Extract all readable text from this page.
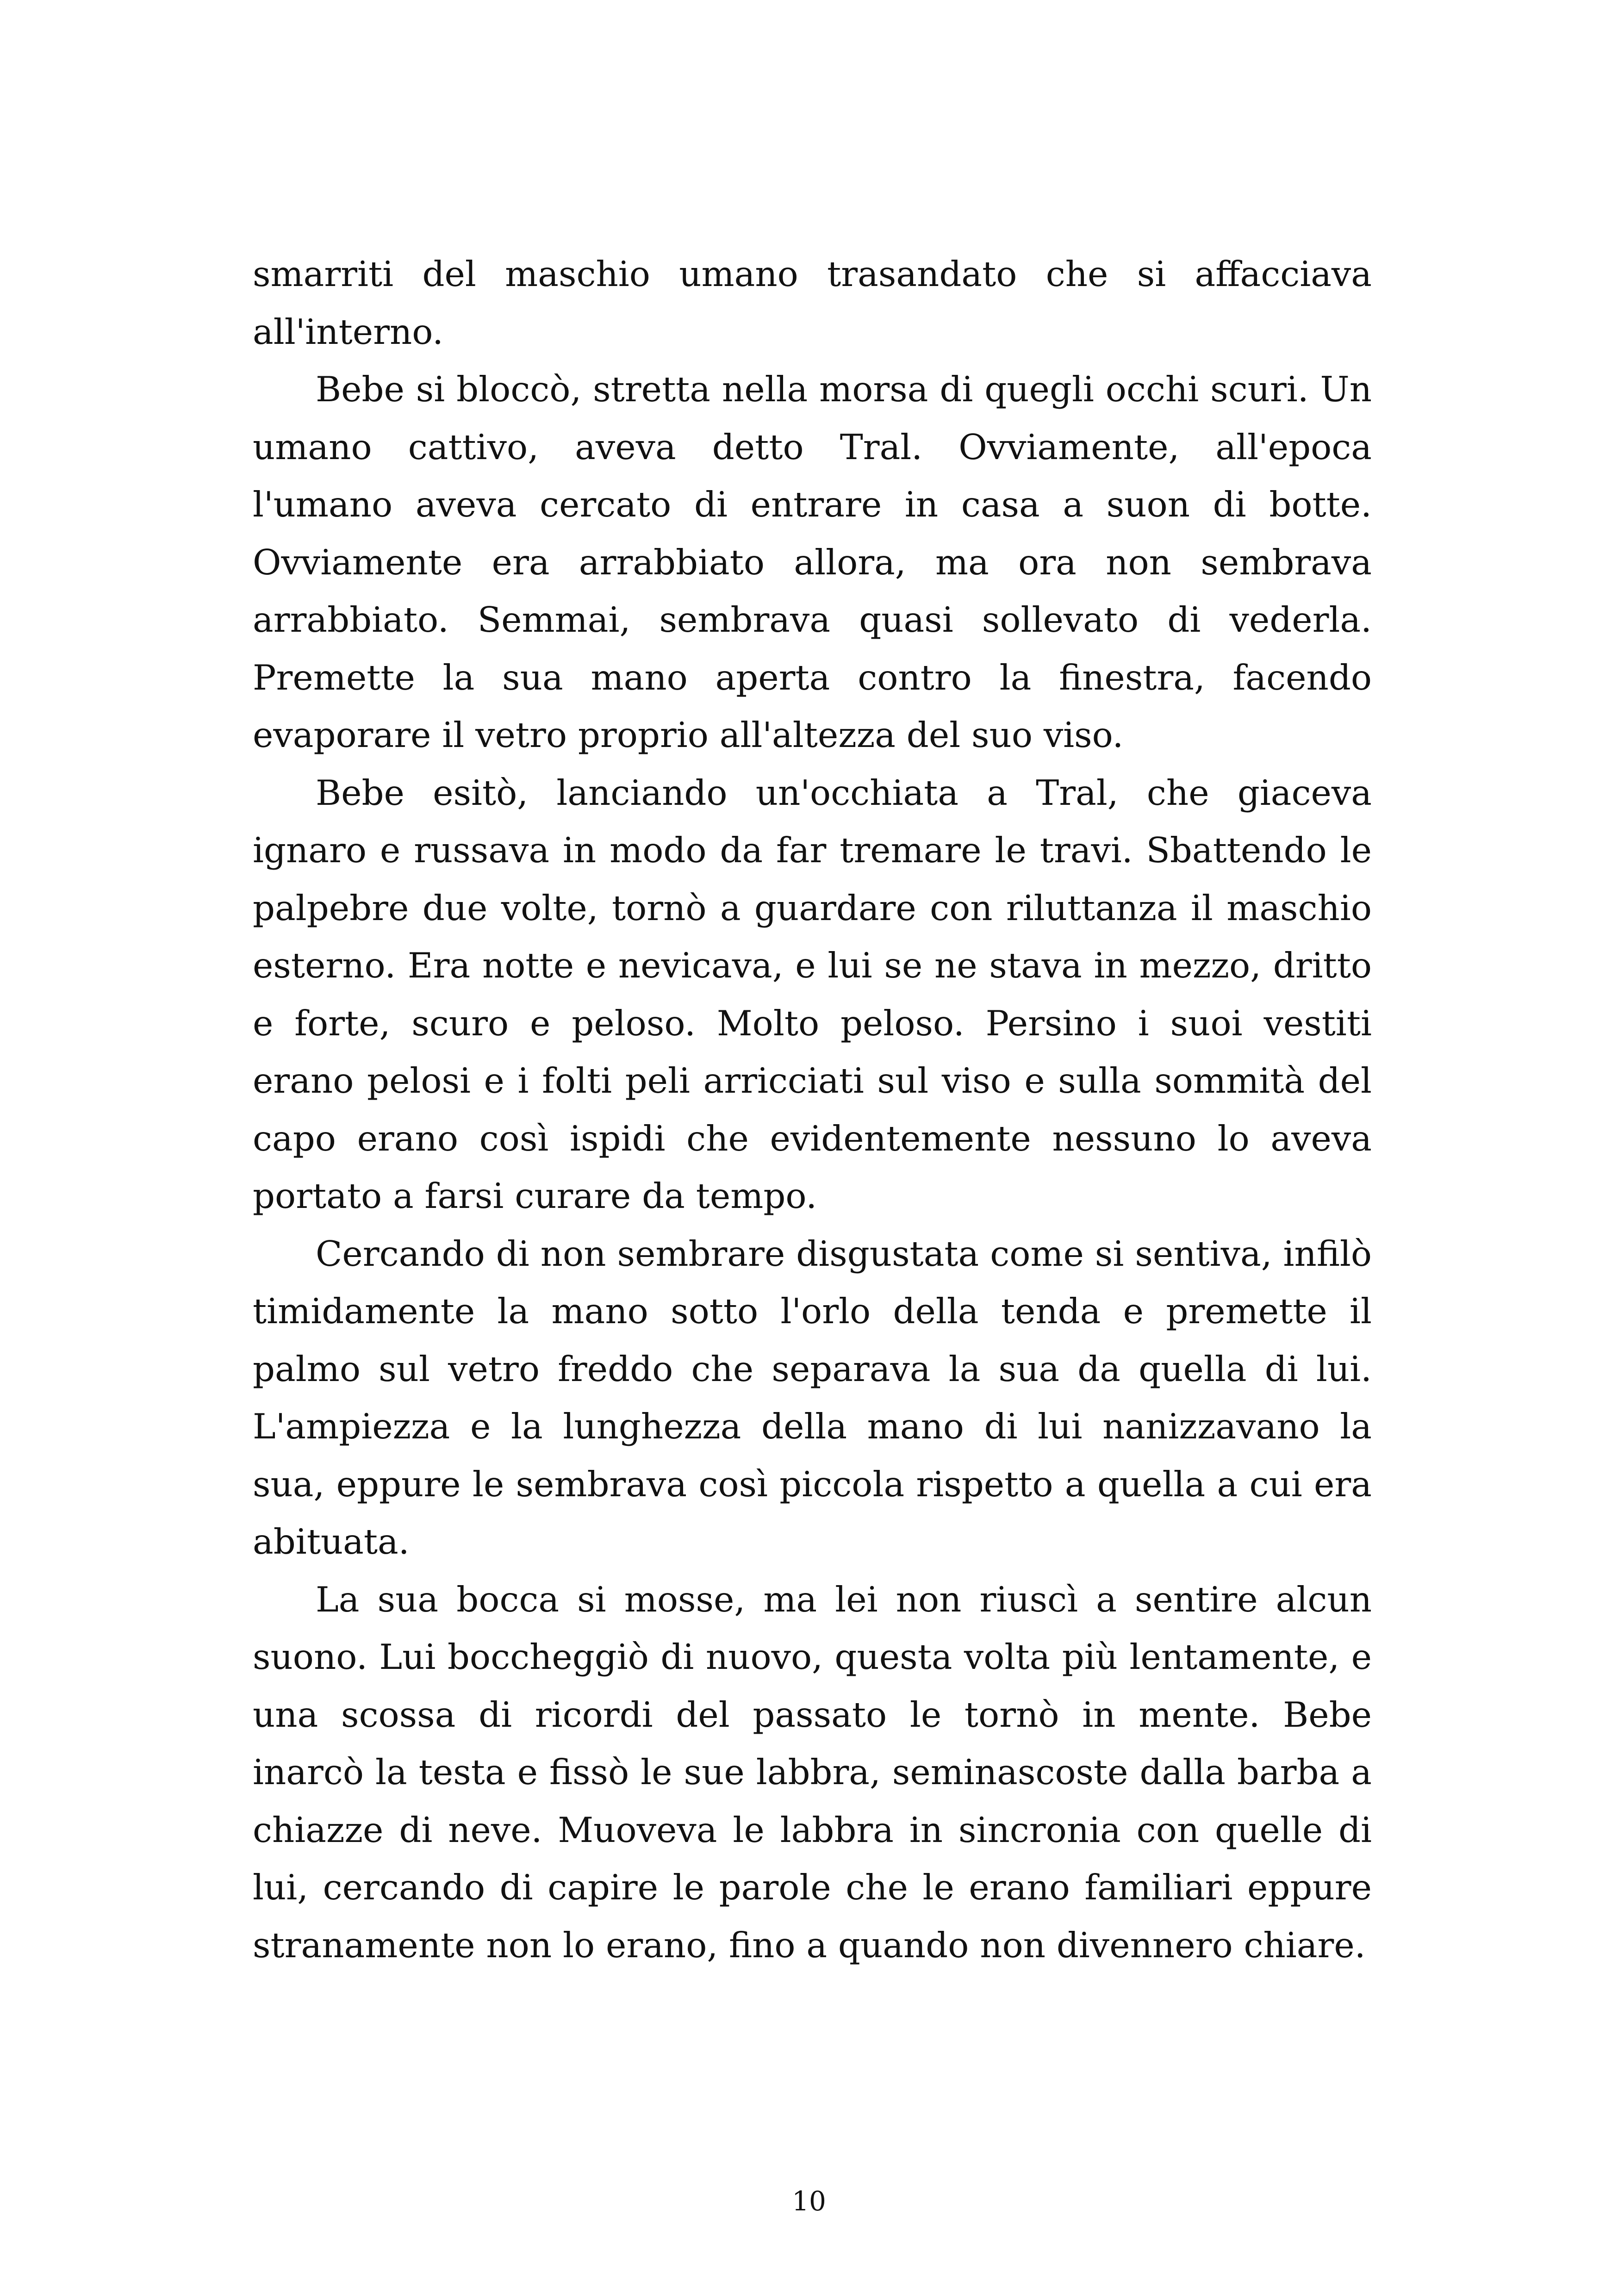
smarriti del maschio umano trasandato che si affacciava all'interno.

Bebe si bloccò, stretta nella morsa di quegli occhi scuri. Un umano cattivo, aveva detto Tral. Ovviamente, all'epoca l'umano aveva cercato di entrare in casa a suon di botte. Ovviamente era arrabbiato allora, ma ora non sembrava arrabbiato. Semmai, sembrava quasi sollevato di vederla. Premette la sua mano aperta contro la finestra, facendo evaporare il vetro proprio all'altezza del suo viso.

Bebe esitò, lanciando un'occhiata a Tral, che giaceva ignaro e russava in modo da far tremare le travi. Sbattendo le palpebre due volte, tornò a guardare con riluttanza il maschio esterno. Era notte e nevicava, e lui se ne stava in mezzo, dritto e forte, scuro e peloso. Molto peloso. Persino i suoi vestiti erano pelosi e i folti peli arricciati sul viso e sulla sommità del capo erano così ispidi che evidentemente nessuno lo aveva portato a farsi curare da tempo.

Cercando di non sembrare disgustata come si sentiva, infilò timidamente la mano sotto l'orlo della tenda e premette il palmo sul vetro freddo che separava la sua da quella di lui. L'ampiezza e la lunghezza della mano di lui nanizzavano la sua, eppure le sembrava così piccola rispetto a quella a cui era abituata.

La sua bocca si mosse, ma lei non riuscì a sentire alcun suono. Lui boccheggiò di nuovo, questa volta più lentamente, e una scossa di ricordi del passato le tornò in mente. Bebe inarcò la testa e fissò le sue labbra, seminascoste dalla barba a chiazze di neve. Muoveva le labbra in sincronia con quelle di lui, cercando di capire le parole che le erano familiari eppure stranamente non lo erano, fino a quando non divennero chiare.

10
